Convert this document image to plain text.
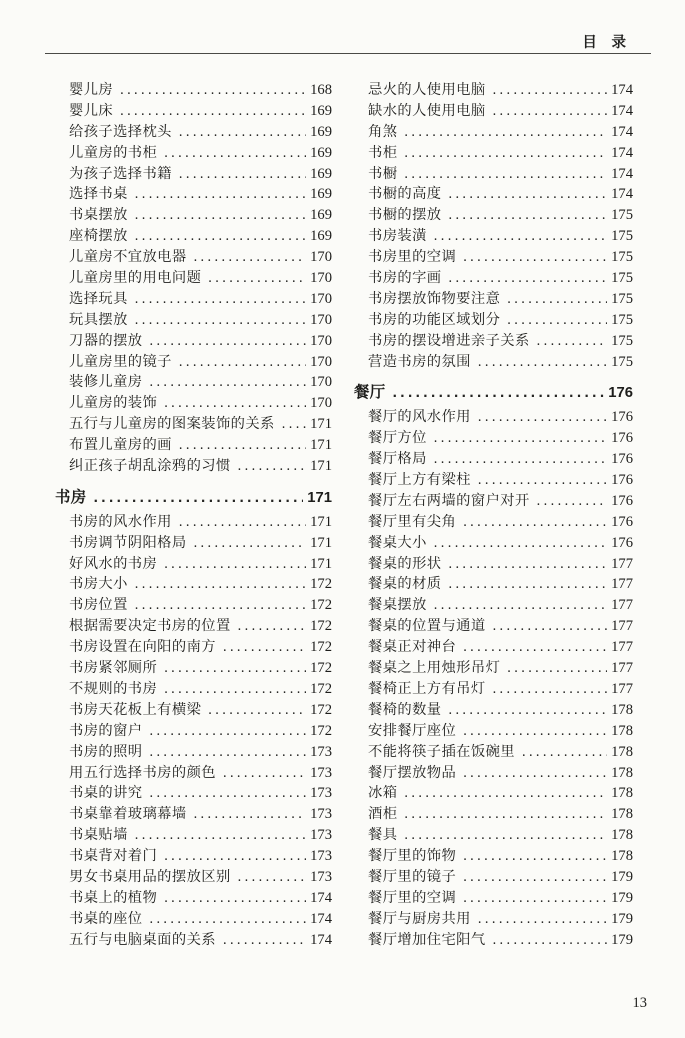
目 录
婴儿房 .....	168
婴儿床 .....	169
给孩子选择枕头 .....	169
儿童房的书柜 .....	169
为孩子选择书籍 .....	169
选择书桌 .....	169
书桌摆放 .....	169
座椅摆放 .....	169
儿童房不宜放电器 .....	170
儿童房里的用电问题 .....	170
选择玩具 .....	170
玩具摆放 .....	170
刀器的摆放 .....	170
儿童房里的镜子 .....	170
装修儿童房 .....	170
儿童房的装饰 .....	170
五行与儿童房的图案装饰的关系 ..... 171
布置儿童房的画 .....	171
纠正孩子胡乱涂鸦的习惯 .....	171
书房 .....	171
书房的风水作用 .....	171
书房调节阴阳格局 .....	171
好风水的书房 .....	171
书房大小 .....	172
书房位置 .....	172
根据需要决定书房的位置 .....	172
书房设置在向阳的南方 .....	172
书房紧邻厕所 .....	172
不规则的书房 .....	172
书房天花板上有横梁 .....	172
书房的窗户 .....	172
书房的照明 .....	173
用五行选择书房的颜色 .....	173
书桌的讲究 .....	173
书桌靠着玻璃幕墙 .....	173
书桌贴墙 .....	173
书桌背对着门 .....	173
男女书桌用品的摆放区别 .....	173
书桌上的植物 .....	174
书桌的座位 .....	174
五行与电脑桌面的关系 .....	174
忌火的人使用电脑 .....	174
缺水的人使用电脑 .....	174
角煞 .....	174
书柜 .....	174
书橱 .....	174
书橱的高度 .....	174
书橱的摆放 .....	175
书房装潢 .....	175
书房里的空调 .....	175
书房的字画 .....	175
书房摆放饰物要注意 .....	175
书房的功能区域划分 .....	175
书房的摆设增进亲子关系 .....	175
营造书房的氛围 .....	175
餐厅 .....	176
餐厅的风水作用 .....	176
餐厅方位 .....	176
餐厅格局 .....	176
餐厅上方有梁柱 .....	176
餐厅左右两墙的窗户对开 .....	176
餐厅里有尖角 .....	176
餐桌大小 .....	176
餐桌的形状 .....	177
餐桌的材质 .....	177
餐桌摆放 .....	177
餐桌的位置与通道 .....	177
餐桌正对神台 .....	177
餐桌之上用烛形吊灯 .....	177
餐椅正上方有吊灯 .....	177
餐椅的数量 .....	178
安排餐厅座位 .....	178
不能将筷子插在饭碗里 .....	178
餐厅摆放物品 .....	178
冰箱 .....	178
酒柜 .....	178
餐具 .....	178
餐厅里的饰物 .....	178
餐厅里的镜子 .....	179
餐厅里的空调 .....	179
餐厅与厨房共用 .....	179
餐厅增加住宅阳气 .....	179
13
